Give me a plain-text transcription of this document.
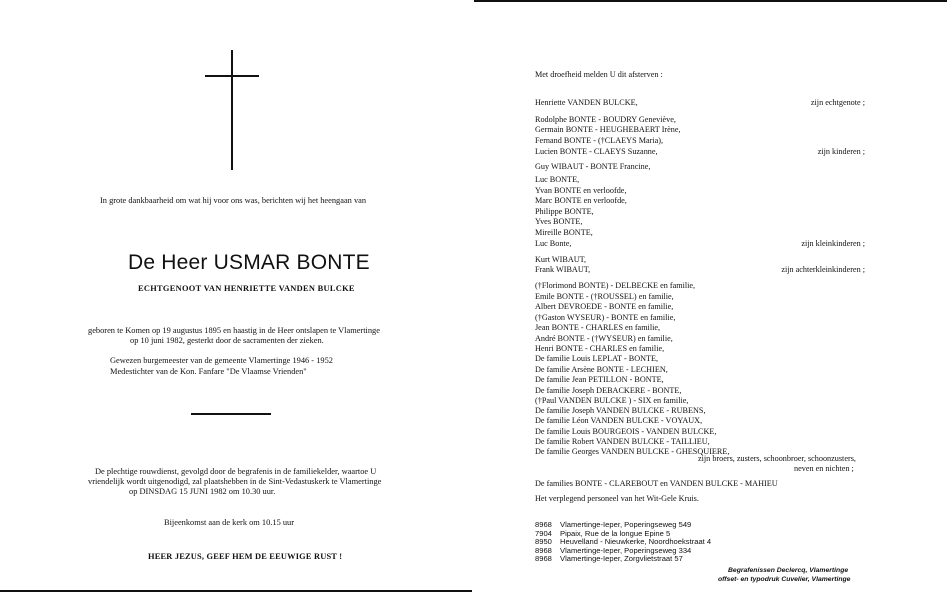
In grote dankbaarheid om wat hij voor ons was, berichten wij het heengaan van
De Heer USMAR BONTE
ECHTGENOOT VAN HENRIETTE VANDEN BULCKE
geboren te Komen op 19 augustus 1895 en haastig in de Heer ontslapen te Vlamertinge
op 10 juni 1982, gesterkt door de sacramenten der zieken.
Gewezen burgemeester van de gemeente Vlamertinge 1946 - 1952
Medestichter van de Kon. Fanfare "De Vlaamse Vrienden"
De plechtige rouwdienst, gevolgd door de begrafenis in de familiekelder, waartoe U
vriendelijk wordt uitgenodigd, zal plaatshebben in de Sint-Vedastuskerk te Vlamertinge
op DINSDAG 15 JUNI 1982 om 10.30 uur.
Bijeenkomst aan de kerk om 10.15 uur
HEER JEZUS, GEEF HEM DE EEUWIGE RUST !
Met droefheid melden U dit afsterven :
Henriette VANDEN BULCKE,	zijn echtgenote ;
Rodolphe BONTE - BOUDRY Geneviève,
Germain BONTE - HEUGHEBAERT Irène,
Fernand BONTE - (†CLAEYS Maria),
Lucien BONTE - CLAEYS Suzanne,	zijn kinderen ;
Guy WIBAUT - BONTE Francine,
Luc BONTE,
Yvan BONTE en verloofde,
Marc BONTE en verloofde,
Philippe BONTE,
Yves BONTE,
Mireille BONTE,
Luc Bonte,	zijn kleinkinderen ;
Kurt WIBAUT,
Frank WIBAUT,	zijn achterkleinkinderen ;
(†Florimond BONTE) - DELBECKE en familie,
Emile BONTE - (†ROUSSEL) en familie,
Albert DEVROEDE - BONTE en familie,
(†Gaston WYSEUR) - BONTE en familie,
Jean BONTE - CHARLES en familie,
André BONTE - (†WYSEUR) en familie,
Henri BONTE - CHARLES en familie,
De familie Louis LEPLAT - BONTE,
De familie Arsène BONTE - LECHIEN,
De familie Jean PETILLON - BONTE,
De familie Joseph DEBACKERE - BONTE,
(†Paul VANDEN BULCKE ) - SIX en familie,
De familie Joseph VANDEN BULCKE - RUBENS,
De familie Léon VANDEN BULCKE - VOYAUX,
De familie Louis BOURGEOIS - VANDEN BULCKE,
De familie Robert VANDEN BULCKE - TAILLIEU,
De familie Georges VANDEN BULCKE - GHESQUIERE,
zijn broers, zusters, schoonbroer, schoonzusters,
neven en nichten ;
De families BONTE - CLAREBOUT en VANDEN BULCKE - MAHIEU
Het verplegend personeel van het Wit-Gele Kruis.
8968 Vlamertinge-Ieper, Poperingseweg 549
7904 Pipaix, Rue de la longue Epine 5
8950 Heuvelland - Nieuwkerke, Noordhoekstraat 4
8968 Vlamertinge-Ieper, Poperingseweg 334
8968 Vlamertinge-Ieper, Zorgvlietstraat 57
Begrafenissen Declercq, Vlamertinge
offset- en typodruk Cuvelier, Vlamertinge
